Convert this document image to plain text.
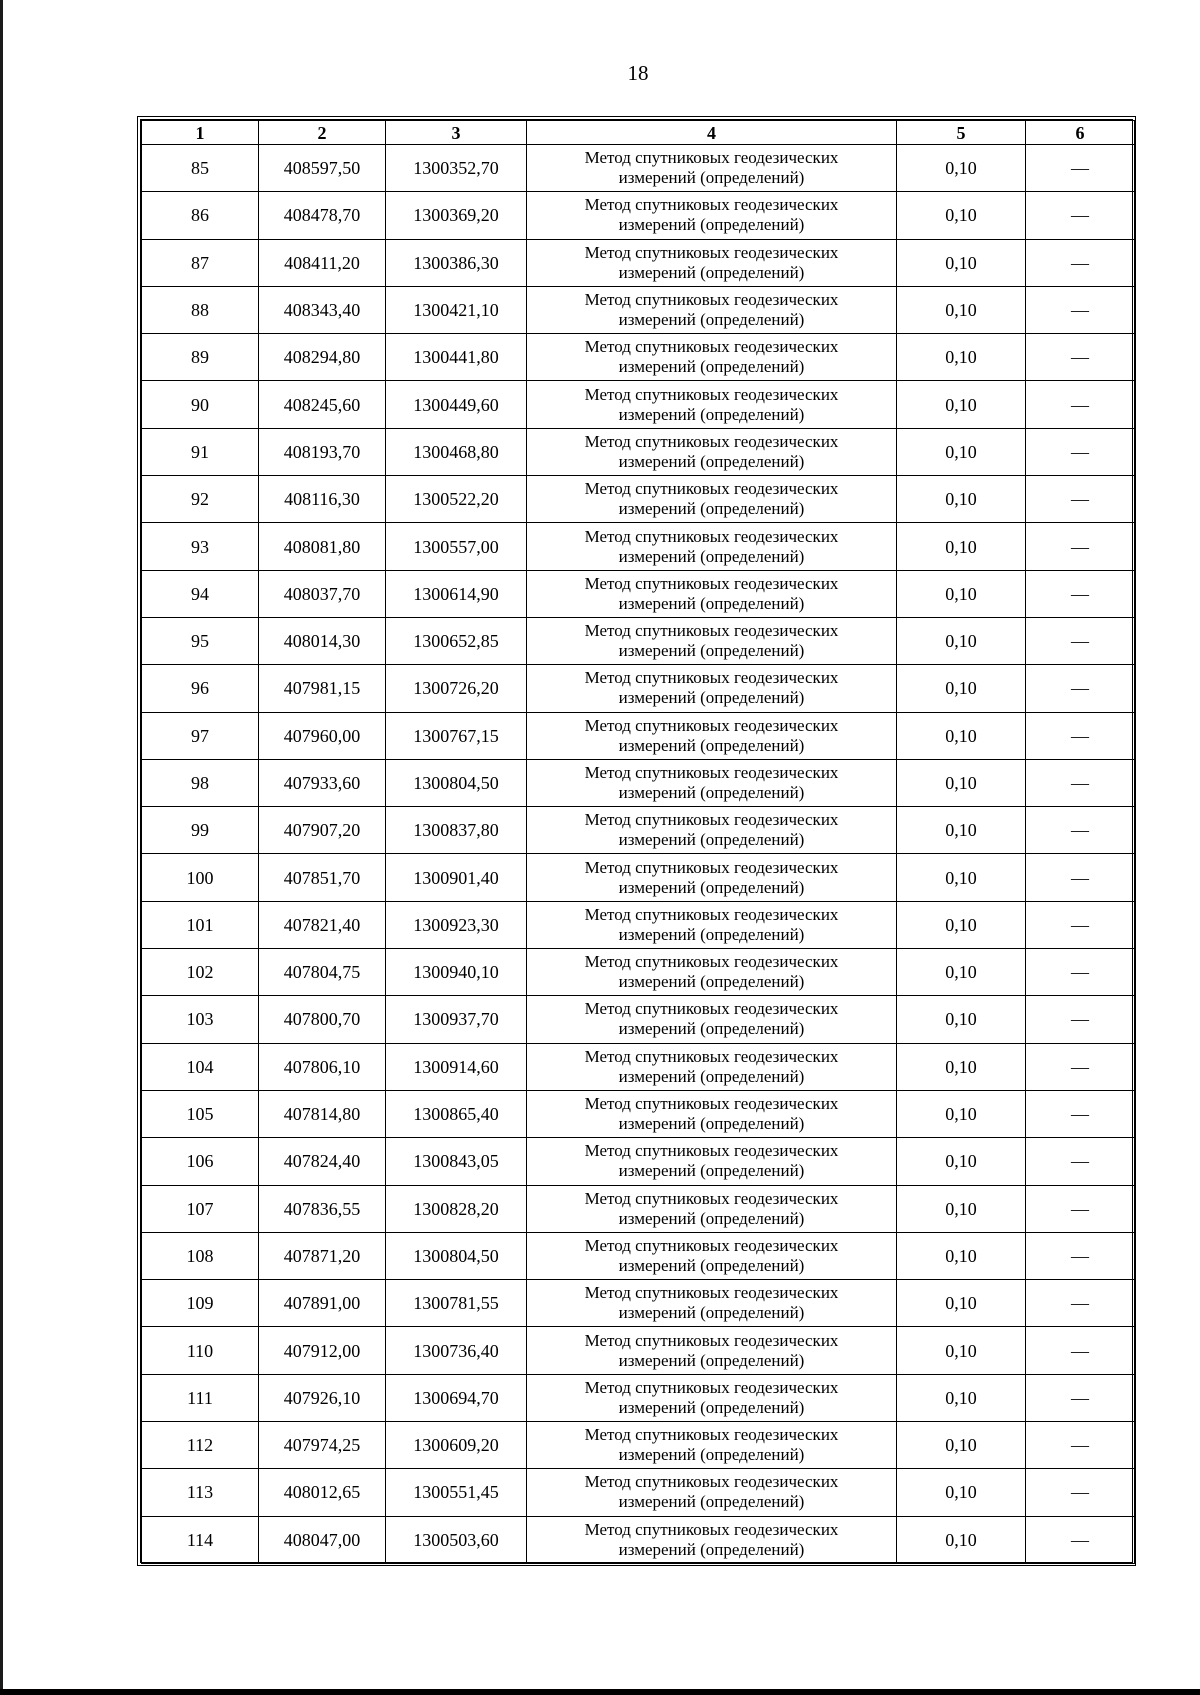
18
1	2	3	4	5	6
85	408597,50	1300352,70	Метод спутниковых геодезических
измерений (определений)	0,10	—
86	408478,70	1300369,20	Метод спутниковых геодезических
измерений (определений)	0,10	—
87	408411,20	1300386,30	Метод спутниковых геодезических
измерений (определений)	0,10	—
88	408343,40	1300421,10	Метод спутниковых геодезических
измерений (определений)	0,10	—
89	408294,80	1300441,80	Метод спутниковых геодезических
измерений (определений)	0,10	—
90	408245,60	1300449,60	Метод спутниковых геодезических
измерений (определений)	0,10	—
91	408193,70	1300468,80	Метод спутниковых геодезических
измерений (определений)	0,10	—
92	408116,30	1300522,20	Метод спутниковых геодезических
измерений (определений)	0,10	—
93	408081,80	1300557,00	Метод спутниковых геодезических
измерений (определений)	0,10	—
94	408037,70	1300614,90	Метод спутниковых геодезических
измерений (определений)	0,10	—
95	408014,30	1300652,85	Метод спутниковых геодезических
измерений (определений)	0,10	—
96	407981,15	1300726,20	Метод спутниковых геодезических
измерений (определений)	0,10	—
97	407960,00	1300767,15	Метод спутниковых геодезических
измерений (определений)	0,10	—
98	407933,60	1300804,50	Метод спутниковых геодезических
измерений (определений)	0,10	—
99	407907,20	1300837,80	Метод спутниковых геодезических
измерений (определений)	0,10	—
100	407851,70	1300901,40	Метод спутниковых геодезических
измерений (определений)	0,10	—
101	407821,40	1300923,30	Метод спутниковых геодезических
измерений (определений)	0,10	—
102	407804,75	1300940,10	Метод спутниковых геодезических
измерений (определений)	0,10	—
103	407800,70	1300937,70	Метод спутниковых геодезических
измерений (определений)	0,10	—
104	407806,10	1300914,60	Метод спутниковых геодезических
измерений (определений)	0,10	—
105	407814,80	1300865,40	Метод спутниковых геодезических
измерений (определений)	0,10	—
106	407824,40	1300843,05	Метод спутниковых геодезических
измерений (определений)	0,10	—
107	407836,55	1300828,20	Метод спутниковых геодезических
измерений (определений)	0,10	—
108	407871,20	1300804,50	Метод спутниковых геодезических
измерений (определений)	0,10	—
109	407891,00	1300781,55	Метод спутниковых геодезических
измерений (определений)	0,10	—
110	407912,00	1300736,40	Метод спутниковых геодезических
измерений (определений)	0,10	—
111	407926,10	1300694,70	Метод спутниковых геодезических
измерений (определений)	0,10	—
112	407974,25	1300609,20	Метод спутниковых геодезических
измерений (определений)	0,10	—
113	408012,65	1300551,45	Метод спутниковых геодезических
измерений (определений)	0,10	—
114	408047,00	1300503,60	Метод спутниковых геодезических
измерений (определений)	0,10	—
